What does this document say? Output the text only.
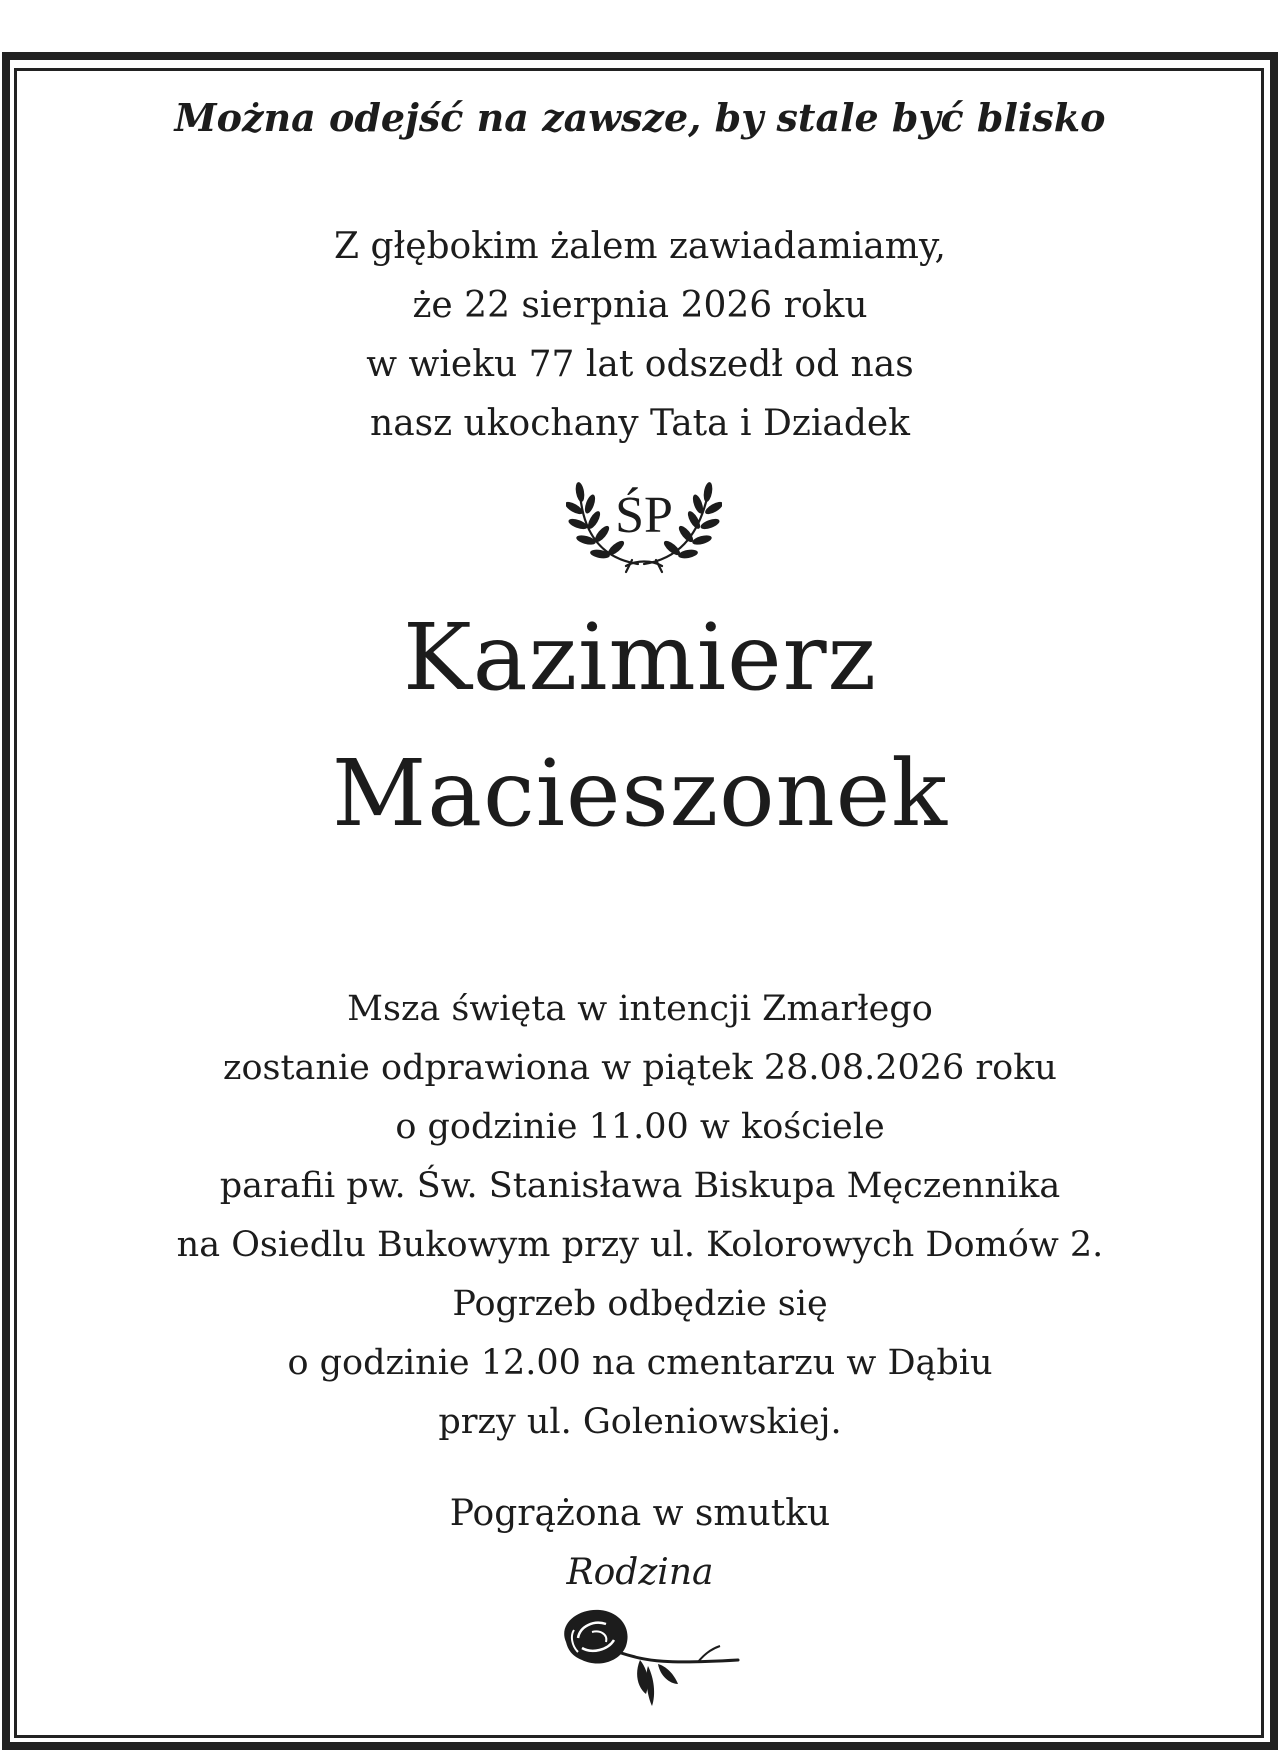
Można odejść na zawsze, by stale być blisko
Z głębokim żalem zawiadamiamy,
że 22 sierpnia 2026 roku
w wieku 77 lat odszedł od nas
nasz ukochany Tata i Dziadek
ŚP
Kazimierz
Macieszonek
Msza święta w intencji Zmarłego
zostanie odprawiona w piątek 28.08.2026 roku
o godzinie 11.00 w kościele
parafii pw. Św. Stanisława Biskupa Męczennika
na Osiedlu Bukowym przy ul. Kolorowych Domów 2.
Pogrzeb odbędzie się
o godzinie 12.00 na cmentarzu w Dąbiu
przy ul. Goleniowskiej.
Pogrążona w smutku
Rodzina
